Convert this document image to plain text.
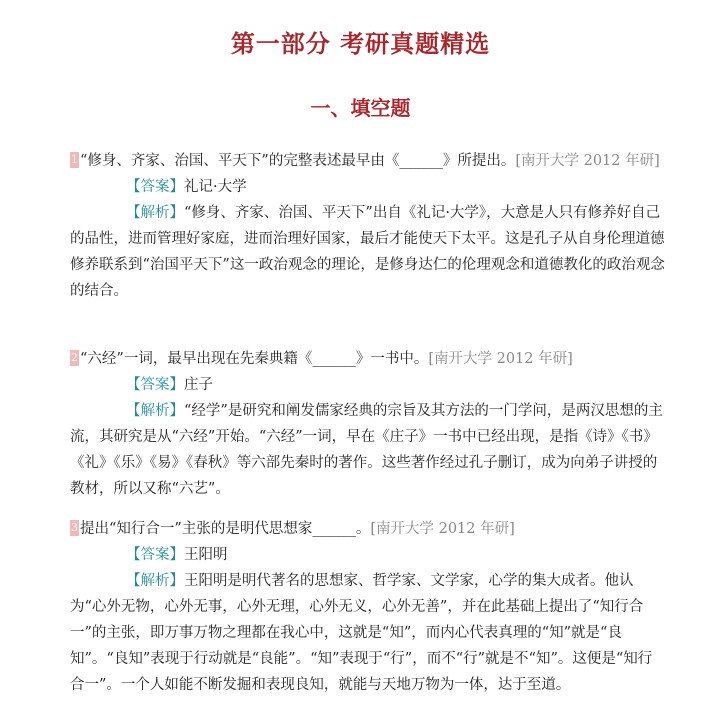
第一部分 考研真题精选
一、填空题

1 “修身、齐家、治国、平天下”的完整表述最早由《______》所提出。[南开大学 2012 年研]

【答案】礼记·大学

【解析】“修身、齐家、治国、平天下”出自《礼记·大学》，大意是人只有修养好自己的品性，进而管理好家庭，进而治理好国家，最后才能使天下太平。这是孔子从自身伦理道德修养联系到“治国平天下”这一政治观念的理论，是修身达仁的伦理观念和道德教化的政治观念的结合。

2 “六经”一词，最早出现在先秦典籍《______》一书中。[南开大学 2012 年研]

【答案】庄子

【解析】“经学”是研究和阐发儒家经典的宗旨及其方法的一门学问，是两汉思想的主流，其研究是从“六经”开始。“六经”一词，早在《庄子》一书中已经出现，是指《诗》《书》《礼》《乐》《易》《春秋》等六部先秦时的著作。这些著作经过孔子删订，成为向弟子讲授的教材，所以又称“六艺”。

3 提出“知行合一”主张的是明代思想家______。[南开大学 2012 年研]

【答案】王阳明

【解析】王阳明是明代著名的思想家、哲学家、文学家，心学的集大成者。他认为“心外无物，心外无事，心外无理，心外无义，心外无善”，并在此基础上提出了“知行合一”的主张，即万事万物之理都在我心中，这就是“知”，而内心代表真理的“知”就是“良知”。“良知”表现于行动就是“良能”。“知”表现于“行”，而不“行”就是不“知”。这便是“知行合一”。一个人如能不断发掘和表现良知，就能与天地万物为一体，达于至道。
